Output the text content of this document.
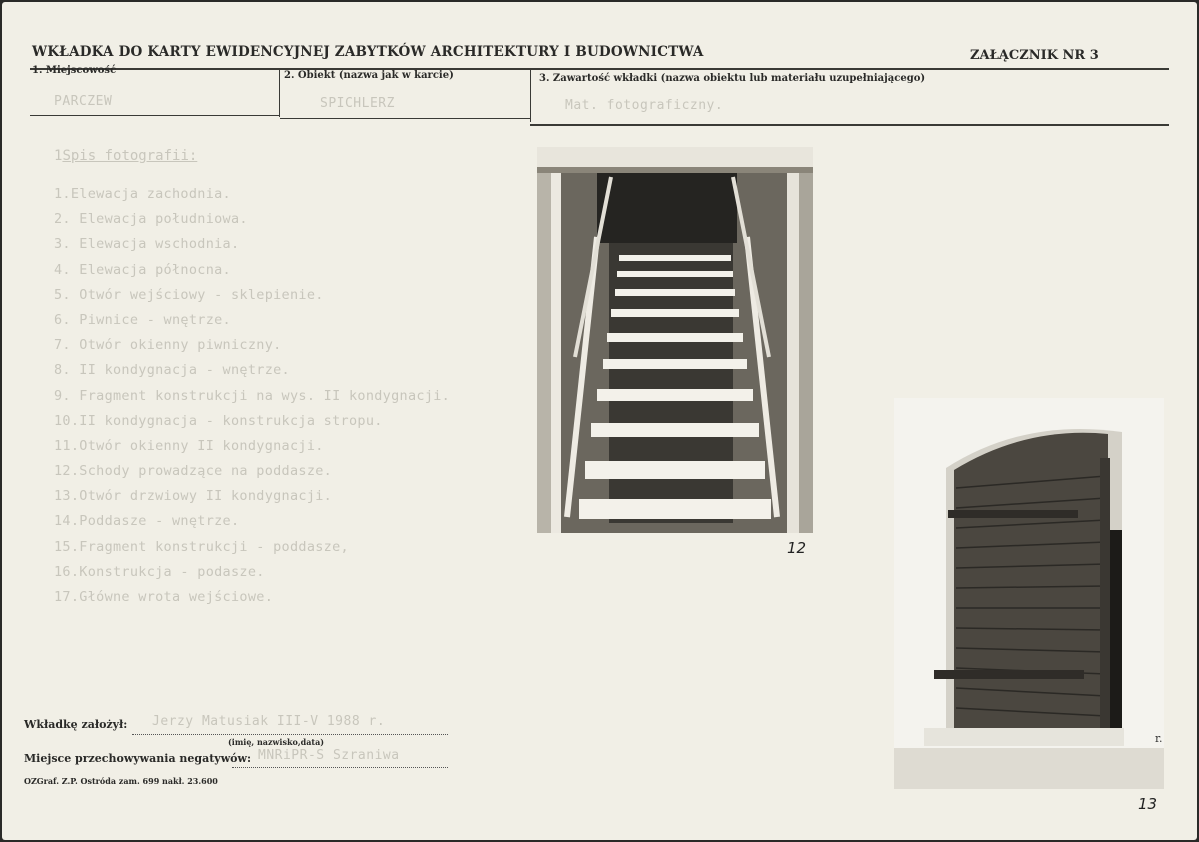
WKŁADKA DO KARTY EWIDENCYJNEJ ZABYTKÓW ARCHITEKTURY I BUDOWNICTWA	ZAŁĄCZNIK NR 3
1. Miejscowość
PARCZEW
2. Obiekt (nazwa jak w karcie)
SPICHLERZ
3. Zawartość wkładki (nazwa obiektu lub materiału uzupełniającego)
Mat. fotograficzny.
1Spis fotografii:
1.Elewacja zachodnia.
2. Elewacja południowa.
3. Elewacja wschodnia.
4. Elewacja północna.
5. Otwór wejściowy - sklepienie.
6. Piwnice - wnętrze.
7. Otwór okienny piwniczny.
8. II kondygnacja - wnętrze.
9. Fragment konstrukcji na wys. II kondygnacji.
10.II kondygnacja - konstrukcja stropu.
11.Otwór okienny II kondygnacji.
12.Schody prowadzące na poddasze.
13.Otwór drzwiowy II kondygnacji.
14.Poddasze - wnętrze.
15.Fragment konstrukcji - poddasze,
16.Konstrukcja - podasze.
17.Główne wrota wejściowe.
12
13
r.
Wkładkę założył: Jerzy Matusiak III-V 1988 r.
(imię, nazwisko,data)
Miejsce przechowywania negatywów: MNRiPR-S Szraniwa
OZGraf. Z.P. Ostróda zam. 699 nakł. 23.600
